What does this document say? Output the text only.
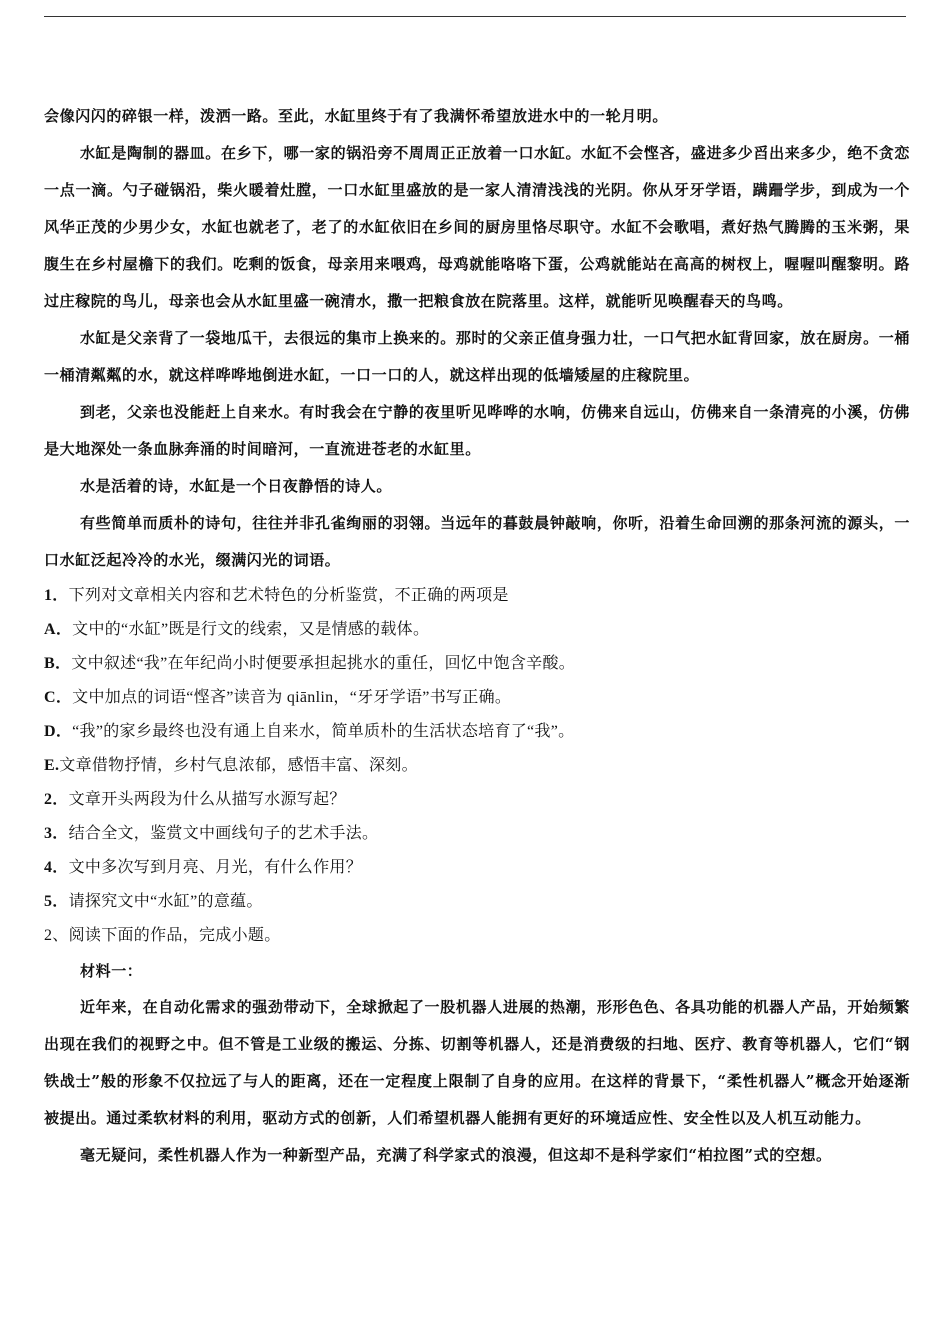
会像闪闪的碎银一样，泼洒一路。至此，水缸里终于有了我满怀希望放进水中的一轮月明。

水缸是陶制的器皿。在乡下，哪一家的锅沿旁不周周正正放着一口水缸。水缸不会悭吝，盛进多少舀出来多少，绝不贪恋一点一滴。勺子碰锅沿，柴火暖着灶膛，一口水缸里盛放的是一家人清清浅浅的光阴。你从牙牙学语，蹒跚学步，到成为一个风华正茂的少男少女，水缸也就老了，老了的水缸依旧在乡间的厨房里恪尽职守。水缸不会歌唱，煮好热气腾腾的玉米粥，果腹生在乡村屋檐下的我们。吃剩的饭食，母亲用来喂鸡，母鸡就能咯咯下蛋，公鸡就能站在高高的树杈上，喔喔叫醒黎明。路过庄稼院的鸟儿，母亲也会从水缸里盛一碗清水，撒一把粮食放在院落里。这样，就能听见唤醒春天的鸟鸣。

水缸是父亲背了一袋地瓜干，去很远的集市上换来的。那时的父亲正值身强力壮，一口气把水缸背回家，放在厨房。一桶一桶清粼粼的水，就这样哗哗地倒进水缸，一口一口的人，就这样出现的低墙矮屋的庄稼院里。

到老，父亲也没能赶上自来水。有时我会在宁静的夜里听见哗哗的水响，仿佛来自远山，仿佛来自一条清亮的小溪，仿佛是大地深处一条血脉奔涌的时间暗河，一直流进苍老的水缸里。

水是活着的诗，水缸是一个日夜静悟的诗人。

有些简单而质朴的诗句，往往并非孔雀绚丽的羽翎。当远年的暮鼓晨钟敲响，你听，沿着生命回溯的那条河流的源头，一口水缸泛起冷冷的水光，缀满闪光的词语。

1．下列对文章相关内容和艺术特色的分析鉴赏，不正确的两项是

A．文中的“水缸”既是行文的线索，又是情感的载体。

B．文中叙述“我”在年纪尚小时便要承担起挑水的重任，回忆中饱含辛酸。

C．文中加点的词语“悭吝”读音为 qiānlin，“牙牙学语”书写正确。

D．“我”的家乡最终也没有通上自来水，简单质朴的生活状态培育了“我”。

E.文章借物抒情，乡村气息浓郁，感悟丰富、深刻。

2．文章开头两段为什么从描写水源写起？

3．结合全文，鉴赏文中画线句子的艺术手法。

4．文中多次写到月亮、月光，有什么作用？

5．请探究文中“水缸”的意蕴。

2、阅读下面的作品，完成小题。

材料一：

近年来，在自动化需求的强劲带动下，全球掀起了一股机器人进展的热潮，形形色色、各具功能的机器人产品，开始频繁出现在我们的视野之中。但不管是工业级的搬运、分拣、切割等机器人，还是消费级的扫地、医疗、教育等机器人，它们“钢铁战士”般的形象不仅拉远了与人的距离，还在一定程度上限制了自身的应用。在这样的背景下，“柔性机器人”概念开始逐渐被提出。通过柔软材料的利用，驱动方式的创新，人们希望机器人能拥有更好的环境适应性、安全性以及人机互动能力。

毫无疑问，柔性机器人作为一种新型产品，充满了科学家式的浪漫，但这却不是科学家们“柏拉图”式的空想。
